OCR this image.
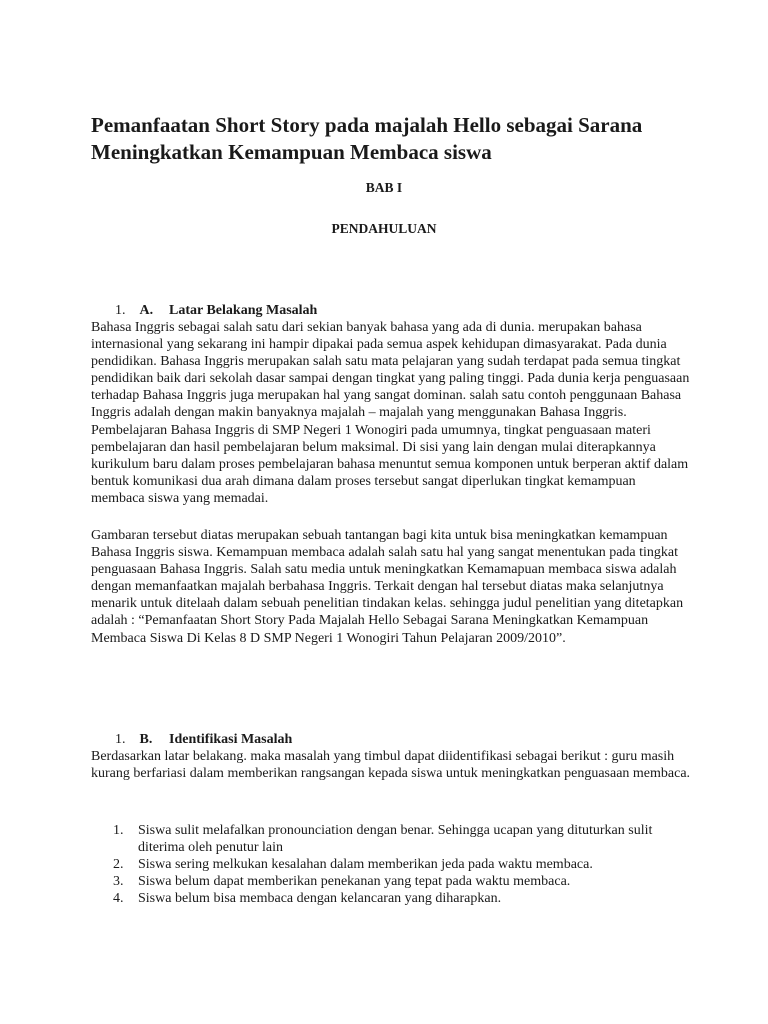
Pemanfaatan Short Story pada majalah Hello sebagai Sarana Meningkatkan Kemampuan Membaca siswa

BAB I

PENDAHULUAN

1. A. Latar Belakang Masalah

Bahasa Inggris sebagai salah satu dari sekian banyak bahasa yang ada di dunia. merupakan bahasa internasional yang sekarang ini hampir dipakai pada semua aspek kehidupan dimasyarakat. Pada dunia pendidikan. Bahasa Inggris merupakan salah satu mata pelajaran yang sudah terdapat pada semua tingkat pendidikan baik dari sekolah dasar sampai dengan tingkat yang paling tinggi. Pada dunia kerja penguasaan terhadap Bahasa Inggris juga merupakan hal yang sangat dominan. salah satu contoh penggunaan Bahasa Inggris adalah dengan makin banyaknya majalah – majalah yang menggunakan Bahasa Inggris. Pembelajaran Bahasa Inggris di SMP Negeri 1 Wonogiri pada umumnya, tingkat penguasaan materi pembelajaran dan hasil pembelajaran belum maksimal. Di sisi yang lain dengan mulai diterapkannya kurikulum baru dalam proses pembelajaran bahasa menuntut semua komponen untuk berperan aktif dalam bentuk komunikasi dua arah dimana dalam proses tersebut sangat diperlukan tingkat kemampuan membaca siswa yang memadai.

Gambaran tersebut diatas merupakan sebuah tantangan bagi kita untuk bisa meningkatkan kemampuan Bahasa Inggris siswa. Kemampuan membaca adalah salah satu hal yang sangat menentukan pada tingkat penguasaan Bahasa Inggris. Salah satu media untuk meningkatkan Kemamapuan membaca siswa adalah dengan memanfaatkan majalah berbahasa Inggris. Terkait dengan hal tersebut diatas maka selanjutnya menarik untuk ditelaah dalam sebuah penelitian tindakan kelas. sehingga judul penelitian yang ditetapkan adalah : “Pemanfaatan Short Story Pada Majalah Hello Sebagai Sarana Meningkatkan Kemampuan Membaca Siswa Di Kelas 8 D SMP Negeri 1 Wonogiri Tahun Pelajaran 2009/2010”.

1. B. Identifikasi Masalah

Berdasarkan latar belakang. maka masalah yang timbul dapat diidentifikasi sebagai berikut : guru masih kurang berfariasi dalam memberikan rangsangan kepada siswa untuk meningkatkan penguasaan membaca.

1. Siswa sulit melafalkan pronounciation dengan benar. Sehingga ucapan yang dituturkan sulit diterima oleh penutur lain
2. Siswa sering melkukan kesalahan dalam memberikan jeda pada waktu membaca.
3. Siswa belum dapat memberikan penekanan yang tepat pada waktu membaca.
4. Siswa belum bisa membaca dengan kelancaran yang diharapkan.
